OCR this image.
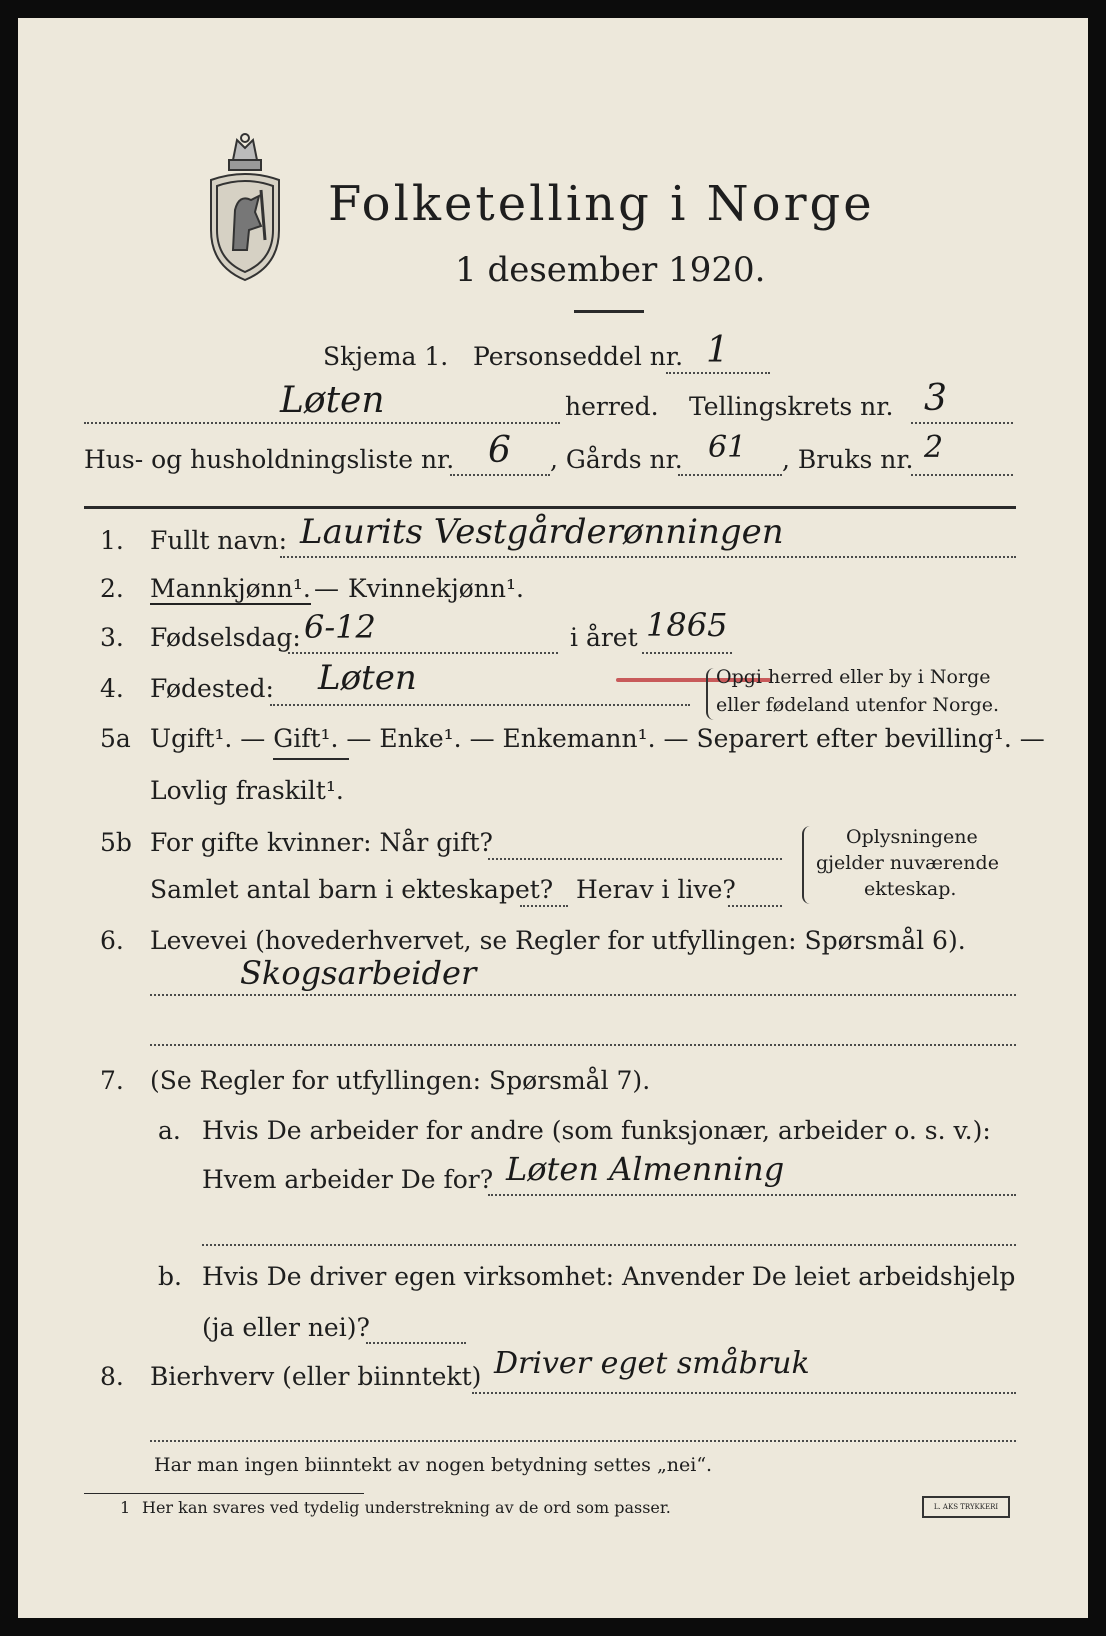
Folketelling i Norge
1 desember 1920.
Skjema 1. Personseddel nr. 1
Løten	herred. Tellingskrets nr. 3
Hus- og husholdningsliste nr. 6 , Gårds nr. 61 , Bruks nr. 2
1. Fullt navn: Laurits Vestgårderønningen
2. Mannkjønn¹. — Kvinnekjønn¹.
3. Fødselsdag: 6-12	i året 1865
4. Fødested: Løten	Opgi herred eller by i Norge
eller fødeland utenfor Norge.
5a Ugift¹. — Gift¹. — Enke¹. — Enkemann¹. — Separert efter bevilling¹. —
Lovlig fraskilt¹.
5b For gifte kvinner: Når gift?
Samlet antal barn i ekteskapet? Herav i live?
Oplysningene
gjelder nuværende
ekteskap.
6. Levevei (hovederhvervet, se Regler for utfyllingen: Spørsmål 6).
Skogsarbeider
7. (Se Regler for utfyllingen: Spørsmål 7).
a. Hvis De arbeider for andre (som funksjonær, arbeider o. s. v.):
Hvem arbeider De for? Løten Almenning
b. Hvis De driver egen virksomhet: Anvender De leiet arbeidshjelp
(ja eller nei)?
8. Bierhverv (eller biinntekt) Driver eget småbruk
Har man ingen biinntekt av nogen betydning settes „nei“.
1 Her kan svares ved tydelig understrekning av de ord som passer.	L. AKS TRYKKERI
